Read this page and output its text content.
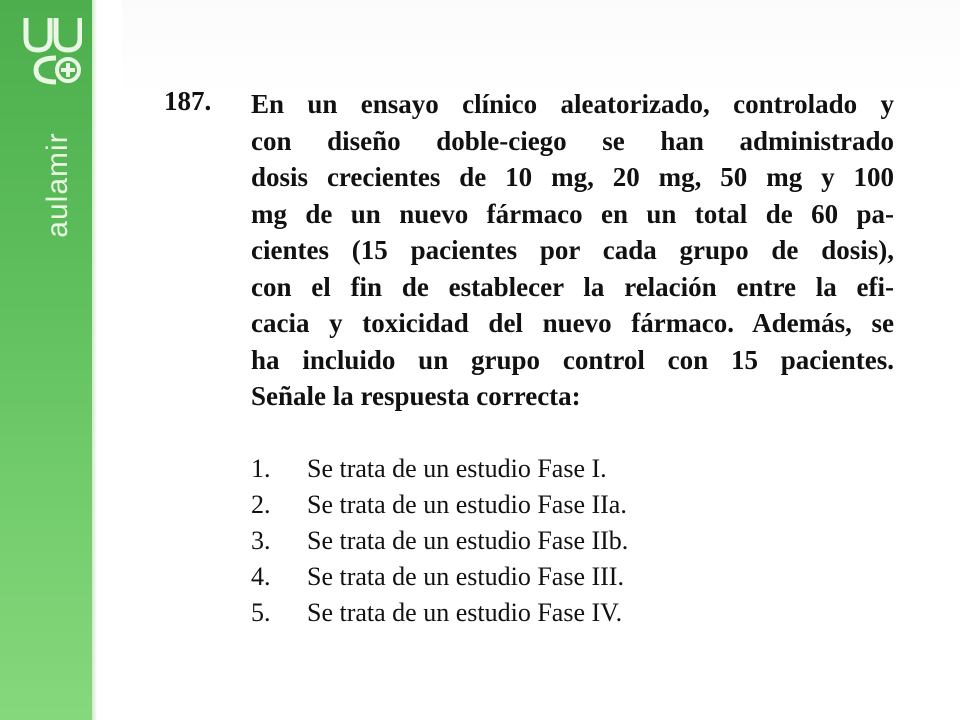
aulamir
187. En un ensayo clínico aleatorizado, controlado y
con diseño doble-ciego se han administrado
dosis crecientes de 10 mg, 20 mg, 50 mg y 100
mg de un nuevo fármaco en un total de 60 pa-
cientes (15 pacientes por cada grupo de dosis),
con el fin de establecer la relación entre la efi-
cacia y toxicidad del nuevo fármaco. Además, se
ha incluido un grupo control con 15 pacientes.
Señale la respuesta correcta:
1. Se trata de un estudio Fase I.
2. Se trata de un estudio Fase IIa.
3. Se trata de un estudio Fase IIb.
4. Se trata de un estudio Fase III.
5. Se trata de un estudio Fase IV.
